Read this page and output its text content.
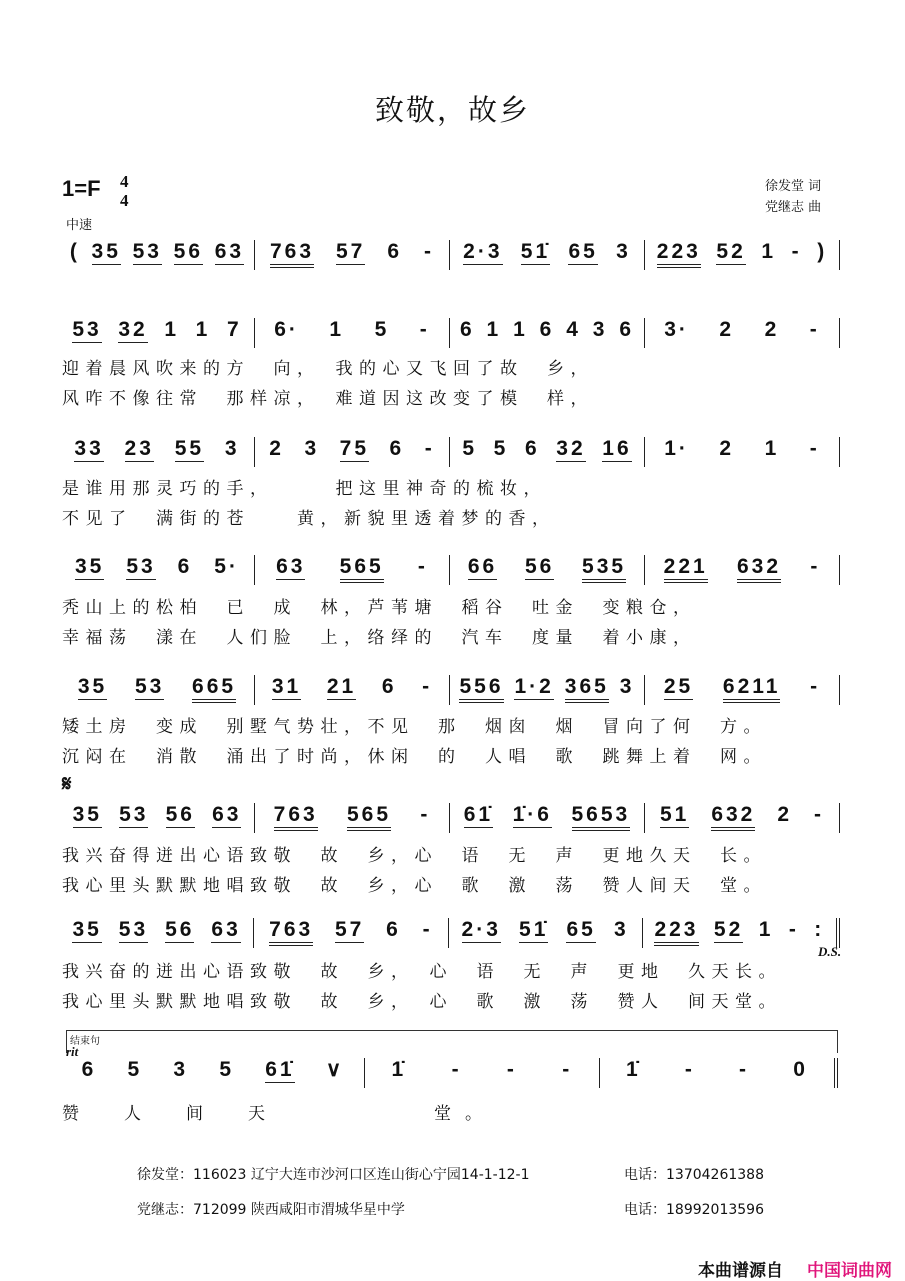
致敬，故乡
1=F 4
4
中速
徐发堂 词
党继志 曲
( 35 53 56 63 763 57 6 - 2·3 51̇ 65 3 223 52 1 - )
53 32 1 1 7 6· 1 5 - 6 1 1 6 4 3 6 3· 2 2 -
迎着晨风吹来的方　向，　我的心又飞回了故　乡，
风咋不像往常　那样凉，　难道因这改变了模　样，
33 23 55 3 2 3 75 6 - 5 5 6 32 16 1· 2 1 -
是谁用那灵巧的手，　　　把这里神奇的梳妆，
不见了　满街的苍　　黄，新貌里透着梦的香，
35 53 6 5· 63 565 - 66 56 535 221 632 -
秃山上的松柏　已　成　林，芦苇塘　稻谷　吐金　变粮仓，
幸福荡　漾在　人们脸　上，络绎的　汽车　度量　着小康，
35 53 665 31 21 6 - 556 1·2 365 3 25 6211 -
矮土房　变成　别墅气势壮，不见　那　烟囱　烟　冒向了何　方。
沉闷在　消散　涌出了时尚，休闲　的　人唱　歌　跳舞上着　网。
35 53 56 63 763 565 - 61̇ 1̇·6 5653 51 632 2 -
我兴奋得迸出心语致敬　故　乡，心　语　无　声　更地久天　长。
我心里头默默地唱致敬　故　乡，心　歌　激　荡　赞人间天　堂。
35 53 56 63 763 57 6 - 2·3 51̇ 65 3 223 52 1 - :
我兴奋的迸出心语致敬　故　乡，　心　语　无　声　更地　久天长。
我心里头默默地唱致敬　故　乡，　心　歌　激　荡　赞人　间天堂。
6 5 3 5 61̇ ∨ 1̇ - - -	1̇ - - 0
赞　人　间　天　　　　　堂。
𝄋
D.S.
结束句
rit
徐发堂：116023 辽宁大连市沙河口区连山街心宁园14-1-12-1	电话：13704261388
党继志：712099 陕西咸阳市渭城华星中学	电话：18992013596
本曲谱源自 中国词曲网
